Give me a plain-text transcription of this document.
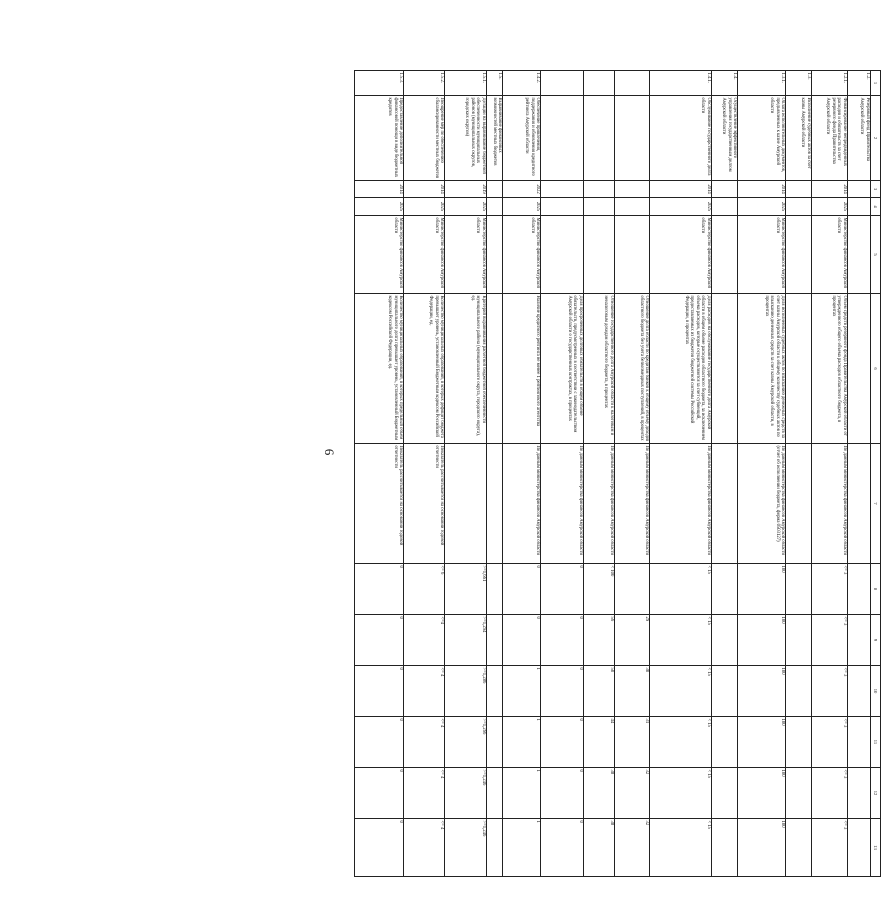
6
1	2	3	4	5	6	7	8	9	10	11	12	13
1.2.	Резервный фонд Правительства Амурской области											
1.2.1.	Финансирование непредвиденных расходов и обязательств за счет резервного фонда Правительства Амурской области	2014	2025	Министерство финансов Амурской области	Объем средств резервного фонда Правительства Амурской области от утвержденного общего объема расходов областного бюджета, в процентах	По данным министерства финансов Амурской области	<= 3	<= 3	<= 3	<= 3	<= 3	<= 3
1.3.	Исполнение судебных актов за счет казны Амурской области											
1.3.1.	Оплата исполнительных документов, предъявленных к казне Амурской области	2014	2025	Министерство финансов Амурской области	Доля исполненных судебных актов по взысканию денежных средств за счет казны Амурской области к общему количеству судебных актов по взысканию денежных средств за счет казны Амурской области, в процентах	По данным министерства финансов Амурской области (отчет об исполнении бюджета, форма 0503127)	100	100	100	100	100	100
1.4.	Осуществление эффективного управления государственным долгом Амурской области											
1.4.1.	Обслуживание государственного долга области	2014	2025	Министерство финансов Амурской области	Доля расходов на обслуживание государственного долга Амурской области в общем объеме расходов областного бюджета, за исключением объема расходов, которые осуществляются за счет субвенций, предоставляемых из бюджетов бюджетной системы Российской Федерации, в процентах	По данным министерства финансов Амурской области	< 15	< 15	< 15	< 15	< 15	< 15
					Отношение долга области по кредитам банков к общему объему доходов областного бюджета без учета безвозмездных поступлений, в процентах	По данным министерства финансов Амурской области		29	30	31	32	32
					Отношение государственного долга Амурской области к налоговым и неналоговым доходам областного бюджета, в процентах	По данным министерства финансов Амурской области	< 100	56	50	44	38	38
					Доля просроченных долговых обязательств в общем объеме обязательств, предусмотренных в соответствии с законодательством Амурской области о государственных контрактах, в процентах	По данным министерства финансов Амурской области	0	0	0	0	0	0
1.4.2.	Обеспечение привлечения, поддержания и обновления кредитного рейтинга Амурской области	2022	2025	Министерство финансов Амурской области	Наличие кредитного рейтинга не менее 1 рейтингового агентства	По данным министерства финансов Амурской области	0	0	1	1	1	1
1.5.	Выравнивание финансовых возможностей местных бюджетов											
1.5.1.	Дотации на выравнивание бюджетной обеспеченности муниципальных районов (муниципальных округов, городских округов)	2019	2025	Министерство финансов Амурской области	Критерий выравнивания расчетной бюджетной обеспеченности муниципального района (муниципального округа, городского округа), ед.		>=1,661	>=1,294	>=1,286	>=1,266	>=1,246	>=1,246
1.5.2.	Поощрение мер по обеспечению сбалансированности местных бюджетов	2014	2025	Министерство финансов Амурской области	Количество муниципальных образований, в которых дефицит бюджета превышает уровень, установленный Бюджетным кодексом Российской Федерации, ед.	Показатель рассчитывается на основании годовой отчетности	<= 6	<=4	<= 4	<= 4	<= 4	<= 4
1.5.3.	Предоставление дополнительной финансовой помощи в виде бюджетных кредитов	2014	2025	Министерство финансов Амурской области	Количество муниципальных образований, в которых предельный объем муниципального долга превышает уровень, установленный Бюджетным кодексом Российской Федерации, ед.	Показатель рассчитывается на основании годовой отчетности	0	0	0	0	0	0
